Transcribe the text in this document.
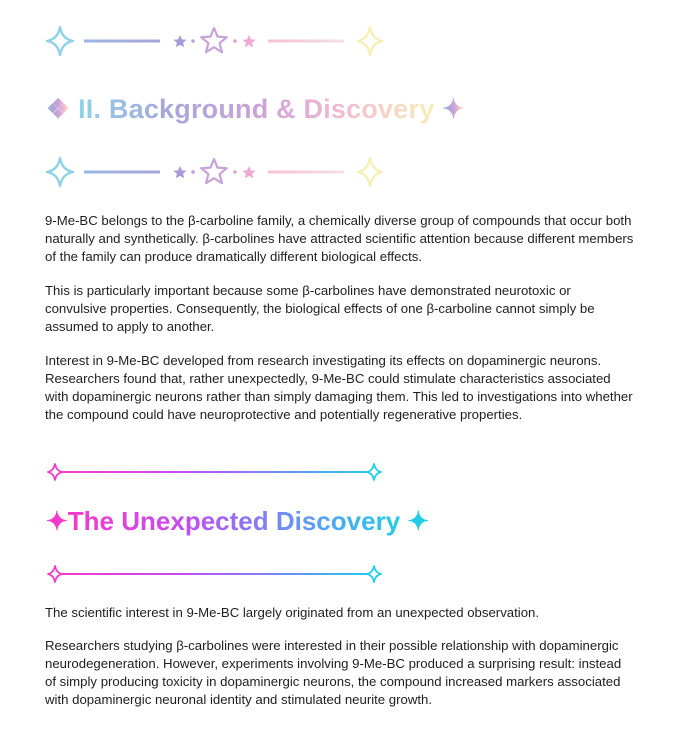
❖ II. Background & Discovery ✦

9-Me-BC belongs to the β-carboline family, a chemically diverse group of compounds that occur both naturally and synthetically. β-carbolines have attracted scientific attention because different members of the family can produce dramatically different biological effects.

This is particularly important because some β-carbolines have demonstrated neurotoxic or convulsive properties. Consequently, the biological effects of one β-carboline cannot simply be assumed to apply to another.

Interest in 9-Me-BC developed from research investigating its effects on dopaminergic neurons. Researchers found that, rather unexpectedly, 9-Me-BC could stimulate characteristics associated with dopaminergic neurons rather than simply damaging them. This led to investigations into whether the compound could have neuroprotective and potentially regenerative properties.

✦The Unexpected Discovery ✦

The scientific interest in 9-Me-BC largely originated from an unexpected observation.

Researchers studying β-carbolines were interested in their possible relationship with dopaminergic neurodegeneration. However, experiments involving 9-Me-BC produced a surprising result: instead of simply producing toxicity in dopaminergic neurons, the compound increased markers associated with dopaminergic neuronal identity and stimulated neurite growth.
